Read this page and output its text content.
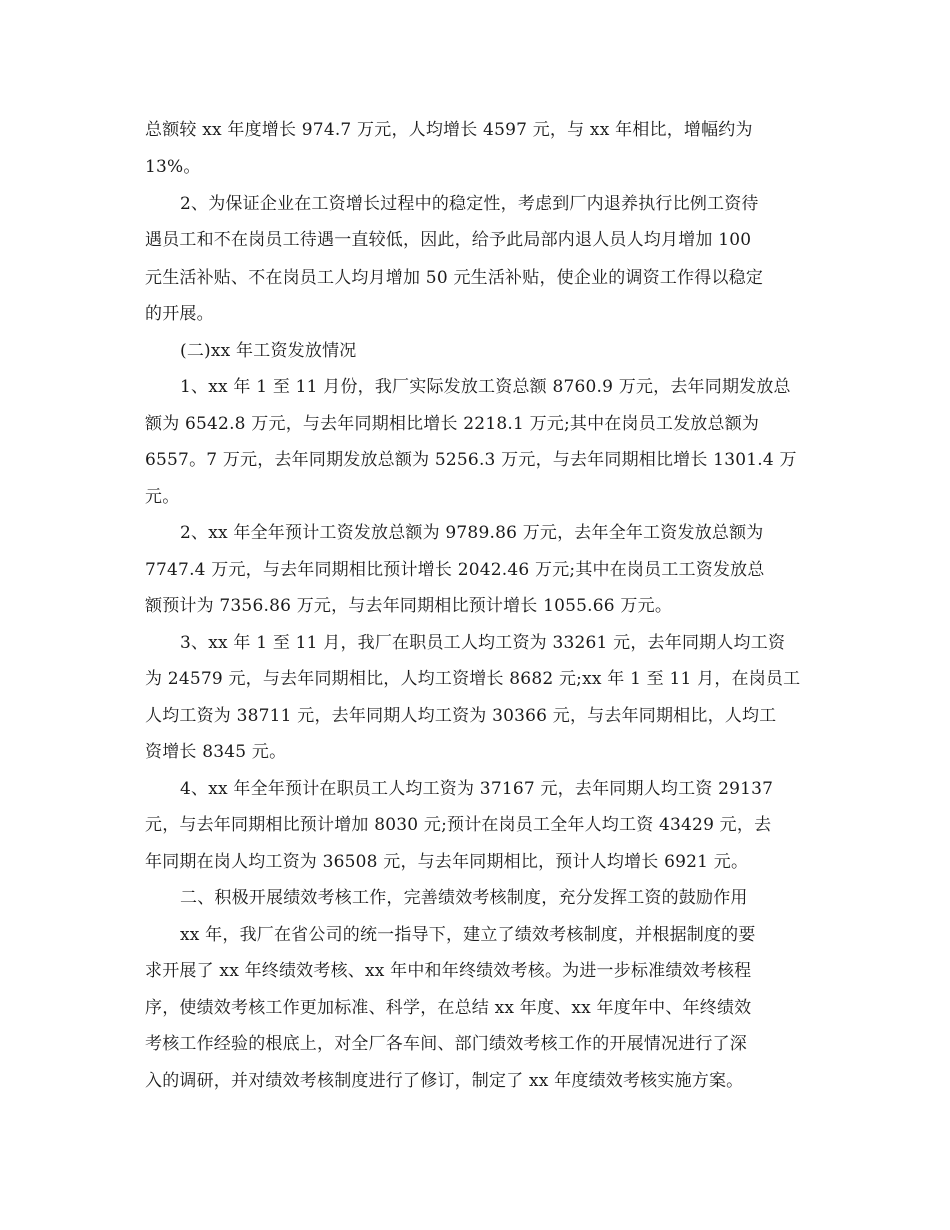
总额较 xx 年度增长 974.7 万元，人均增长 4597 元，与 xx 年相比，增幅约为

13%。

2、为保证企业在工资增长过程中的稳定性，考虑到厂内退养执行比例工资待

遇员工和不在岗员工待遇一直较低，因此，给予此局部内退人员人均月增加 100

元生活补贴、不在岗员工人均月增加 50 元生活补贴，使企业的调资工作得以稳定

的开展。

(二)xx 年工资发放情况

1、xx 年 1 至 11 月份，我厂实际发放工资总额 8760.9 万元，去年同期发放总

额为 6542.8 万元，与去年同期相比增长 2218.1 万元;其中在岗员工发放总额为

6557。7 万元，去年同期发放总额为 5256.3 万元，与去年同期相比增长 1301.4 万

元。

2、xx 年全年预计工资发放总额为 9789.86 万元，去年全年工资发放总额为

7747.4 万元，与去年同期相比预计增长 2042.46 万元;其中在岗员工工资发放总

额预计为 7356.86 万元，与去年同期相比预计增长 1055.66 万元。

3、xx 年 1 至 11 月，我厂在职员工人均工资为 33261 元，去年同期人均工资

为 24579 元，与去年同期相比，人均工资增长 8682 元;xx 年 1 至 11 月，在岗员工

人均工资为 38711 元，去年同期人均工资为 30366 元，与去年同期相比，人均工

资增长 8345 元。

4、xx 年全年预计在职员工人均工资为 37167 元，去年同期人均工资 29137

元，与去年同期相比预计增加 8030 元;预计在岗员工全年人均工资 43429 元，去

年同期在岗人均工资为 36508 元，与去年同期相比，预计人均增长 6921 元。

二、积极开展绩效考核工作，完善绩效考核制度，充分发挥工资的鼓励作用

xx 年，我厂在省公司的统一指导下，建立了绩效考核制度，并根据制度的要

求开展了 xx 年终绩效考核、xx 年中和年终绩效考核。为进一步标准绩效考核程

序，使绩效考核工作更加标准、科学，在总结 xx 年度、xx 年度年中、年终绩效

考核工作经验的根底上，对全厂各车间、部门绩效考核工作的开展情况进行了深

入的调研，并对绩效考核制度进行了修订，制定了 xx 年度绩效考核实施方案。
